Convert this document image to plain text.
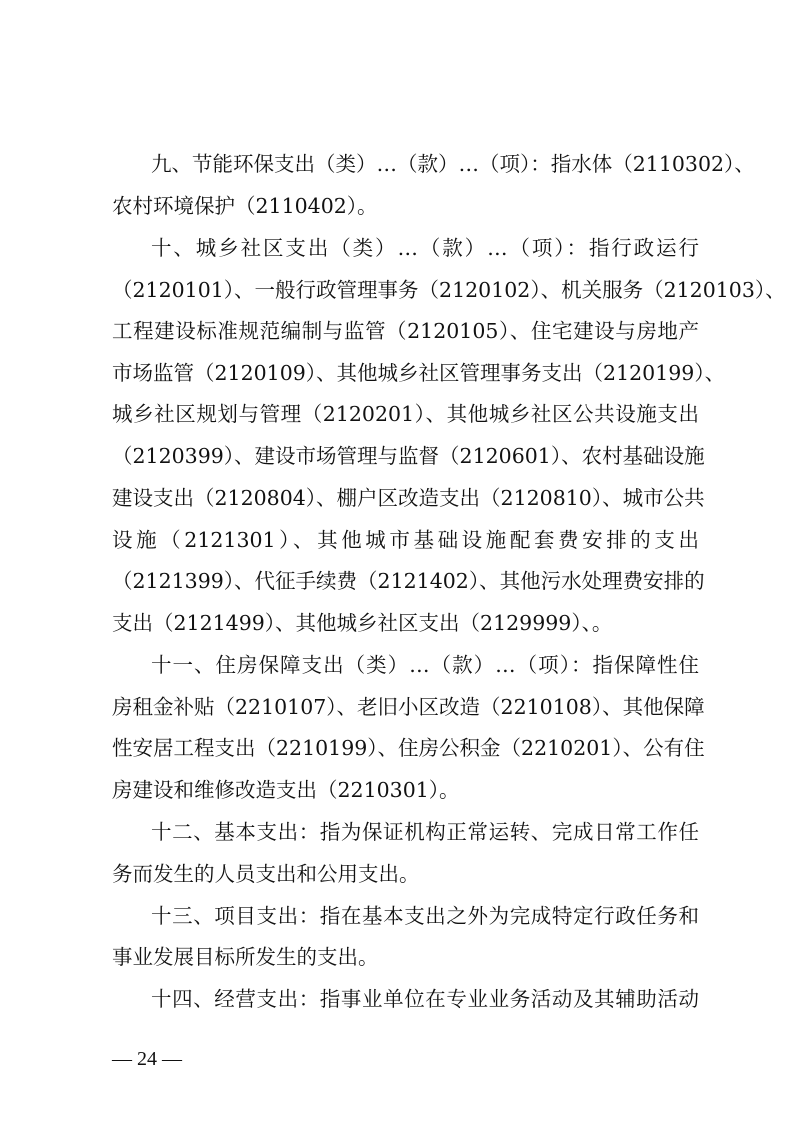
九、节能环保支出（类）…（款）…（项）：指水体（2110302）、
农村环境保护（2110402）。
十、城乡社区支出（类）…（款）…（项）：指行政运行
（2120101）、一般行政管理事务（2120102）、机关服务（2120103）、
工程建设标准规范编制与监管（2120105）、住宅建设与房地产
市场监管（2120109）、其他城乡社区管理事务支出（2120199）、
城乡社区规划与管理（2120201）、其他城乡社区公共设施支出
（2120399）、建设市场管理与监督（2120601）、农村基础设施
建设支出（2120804）、棚户区改造支出（2120810）、城市公共
设施（2121301）、其他城市基础设施配套费安排的支出
（2121399）、代征手续费（2121402）、其他污水处理费安排的
支出（2121499）、其他城乡社区支出（2129999）、。
十一、住房保障支出（类）…（款）…（项）：指保障性住
房租金补贴（2210107）、老旧小区改造（2210108）、其他保障
性安居工程支出（2210199）、住房公积金（2210201）、公有住
房建设和维修改造支出（2210301）。
十二、基本支出：指为保证机构正常运转、完成日常工作任
务而发生的人员支出和公用支出。
十三、项目支出：指在基本支出之外为完成特定行政任务和
事业发展目标所发生的支出。
十四、经营支出：指事业单位在专业业务活动及其辅助活动
— 24 —
